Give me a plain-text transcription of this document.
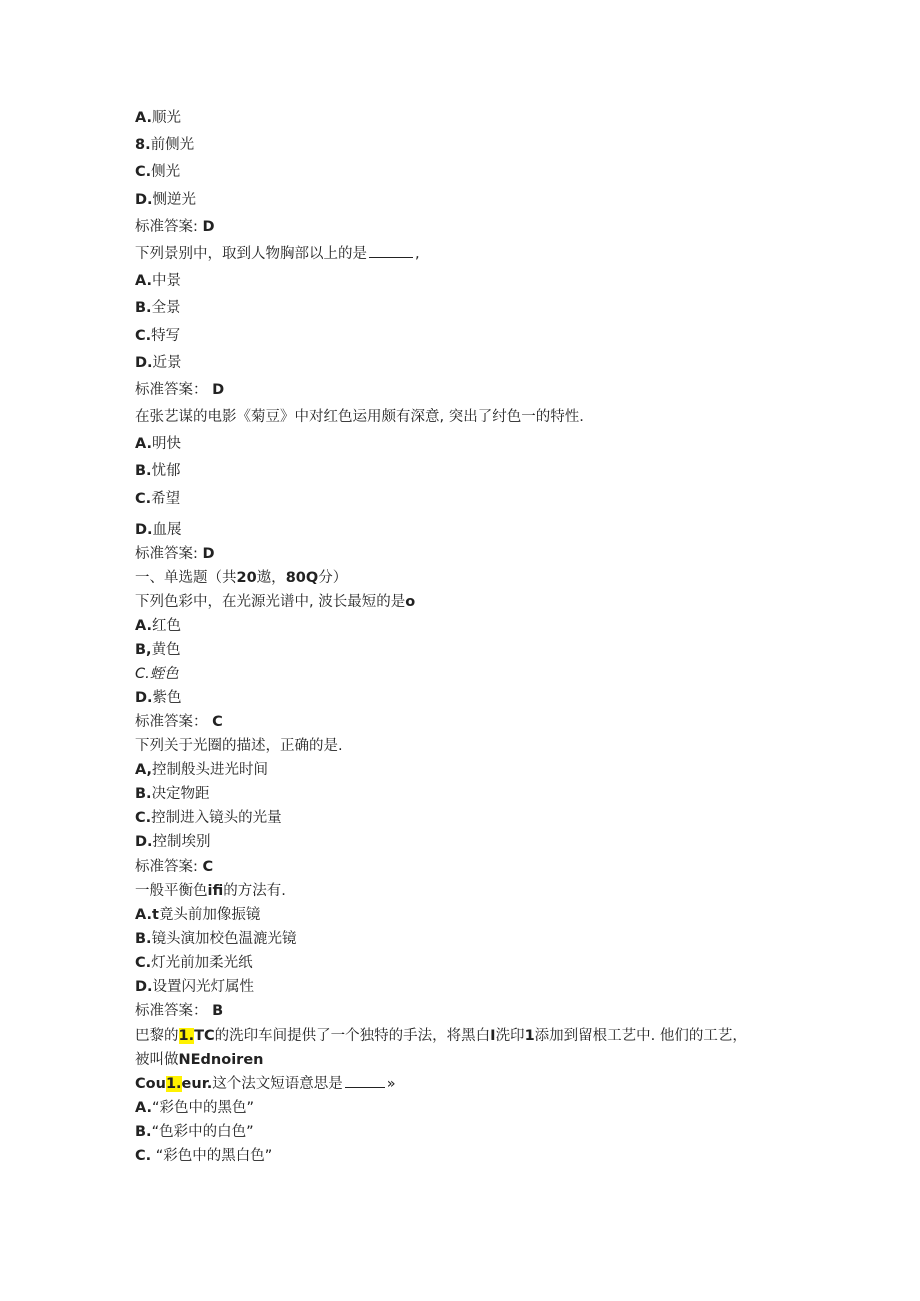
A.顺光
8.前侧光
C.侧光
D.恻逆光
标准答案: D
下列景别中，取到人物胸部以上的是	,
A.中景
B.全景
C.特写
D.近景
标准答案： D
在张艺谋的电影《菊豆》中对红色运用颇有深意, 突出了纣色一的特性.
A.明快
B.忧郁
C.希望
D.血展
标准答案: D
一、单选题（共20遨，80Q分）
下列色彩中，在光源光谱中, 波长最短的是o
A.红色
B,黄色
C.蛭色
D.紫色
标准答案： C
下列关于光圈的描述，正确的是.
A,控制般头进光时间
B.决定物距
C.控制进入镜头的光量
D.控制埃别
标准答案: C
一般平衡色ifi的方法有.
A.t竟头前加像振镜
B.镜头演加校色温漉光镜
C.灯光前加柔光纸
D.设置闪光灯属性
标准答案： B
巴黎的1.TC的洗印车间提供了一个独特的手法，将黑白I洗印1添加到留根工艺中. 他们的工艺，
被叫做NEdnoiren
Cou1.eur.这个法文短语意思是	»
A.“彩色中的黑色”
B.“色彩中的白色”
C. “彩色中的黑白色”
